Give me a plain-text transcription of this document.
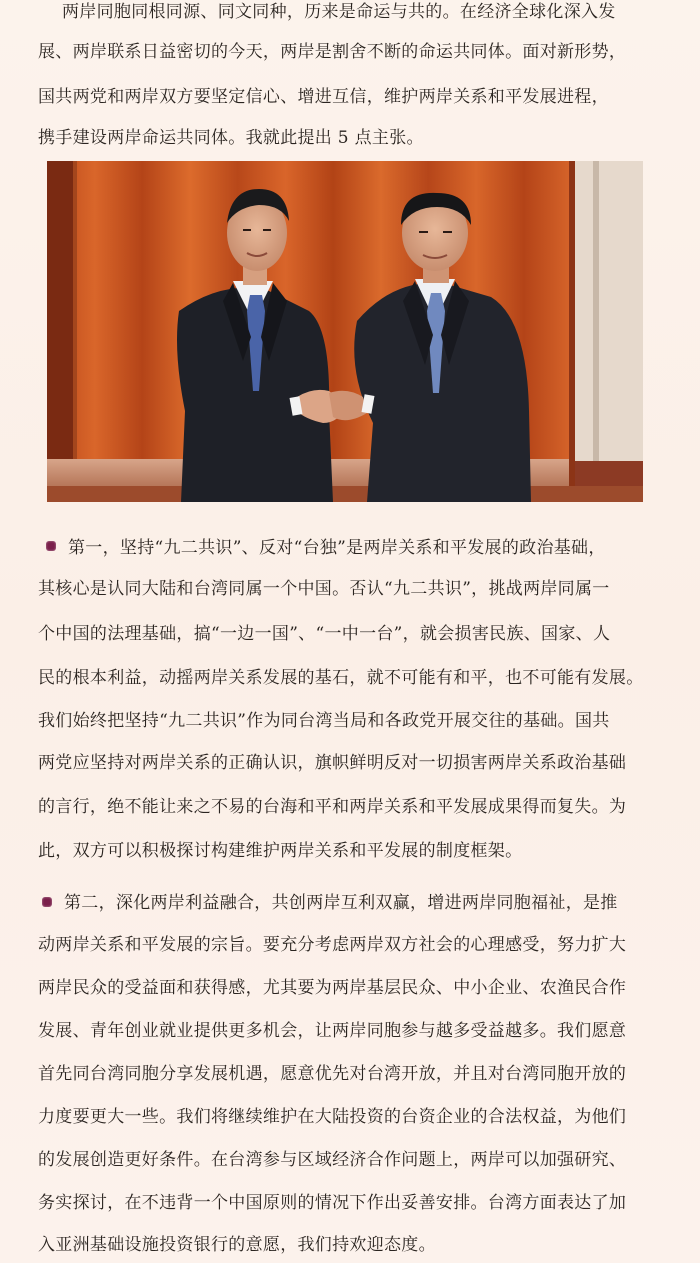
两岸同胞同根同源、同文同种，历来是命运与共的。在经济全球化深入发
展、两岸联系日益密切的今天，两岸是割舍不断的命运共同体。面对新形势，
国共两党和两岸双方要坚定信心、增进互信，维护两岸关系和平发展进程，
携手建设两岸命运共同体。我就此提出 5 点主张。
第一，坚持“九二共识”、反对“台独”是两岸关系和平发展的政治基础，
其核心是认同大陆和台湾同属一个中国。否认“九二共识”，挑战两岸同属一
个中国的法理基础，搞“一边一国”、“一中一台”，就会损害民族、国家、人
民的根本利益，动摇两岸关系发展的基石，就不可能有和平，也不可能有发展。
我们始终把坚持“九二共识”作为同台湾当局和各政党开展交往的基础。国共
两党应坚持对两岸关系的正确认识，旗帜鲜明反对一切损害两岸关系政治基础
的言行，绝不能让来之不易的台海和平和两岸关系和平发展成果得而复失。为
此，双方可以积极探讨构建维护两岸关系和平发展的制度框架。
第二，深化两岸利益融合，共创两岸互利双赢，增进两岸同胞福祉，是推
动两岸关系和平发展的宗旨。要充分考虑两岸双方社会的心理感受，努力扩大
两岸民众的受益面和获得感，尤其要为两岸基层民众、中小企业、农渔民合作
发展、青年创业就业提供更多机会，让两岸同胞参与越多受益越多。我们愿意
首先同台湾同胞分享发展机遇，愿意优先对台湾开放，并且对台湾同胞开放的
力度要更大一些。我们将继续维护在大陆投资的台资企业的合法权益，为他们
的发展创造更好条件。在台湾参与区域经济合作问题上，两岸可以加强研究、
务实探讨，在不违背一个中国原则的情况下作出妥善安排。台湾方面表达了加
入亚洲基础设施投资银行的意愿，我们持欢迎态度。
